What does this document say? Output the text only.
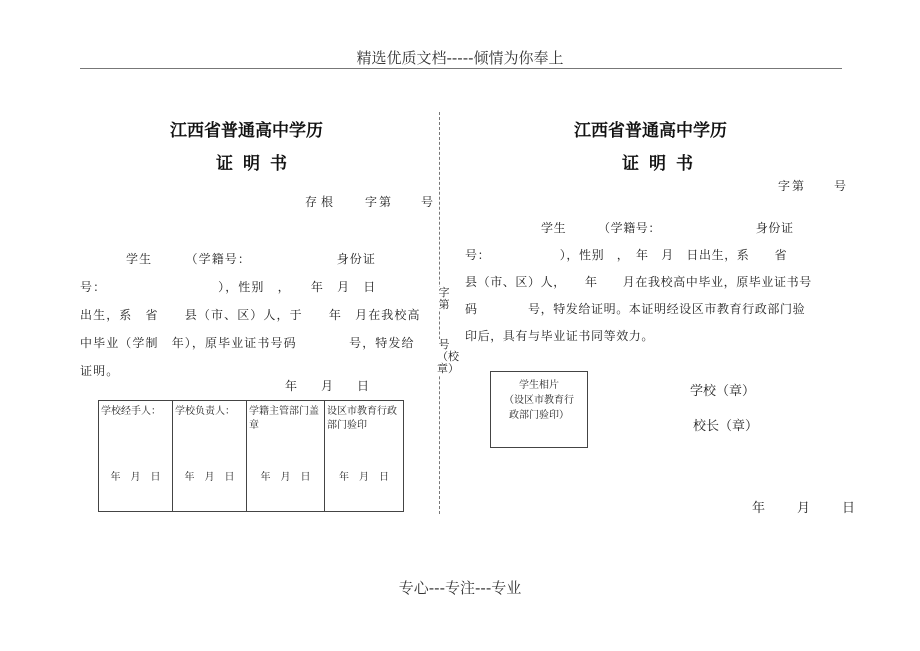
精选优质文档-----倾情为你奉上
江西省普通高中学历
证明书
存根 字第　　号
学生　　　（学籍号：　　　　　　　身份证
号：　　　　　　　　　），性别　，　　年　月　日
出生，系　省　　县（市、区）人，于　　年　月在我校高
中毕业（学制　年），原毕业证书号码　　　　号，特发给
证明。
年　　月　　日
学校经手人：
年　月　日
学校负责人：
年　月　日
学籍主管部门盖章
年　月　日
设区市教育行政部门验印
年　月　日
字第
号（校章）
江西省普通高中学历
证明书
字第　　号
学生　　　（学籍号：　　　　　　　　身份证
号：　　　　　　），性别　，　年　月　日出生，系　　省
县（市、区）人，　　年　　月在我校高中毕业，原毕业证书号
码　　　　号，特发给证明。本证明经设区市教育行政部门验
印后，具有与毕业证书同等效力。
学生相片
（设区市教育行
政部门验印）
学校（章）
校长（章）
年　　月　　日
专心---专注---专业
